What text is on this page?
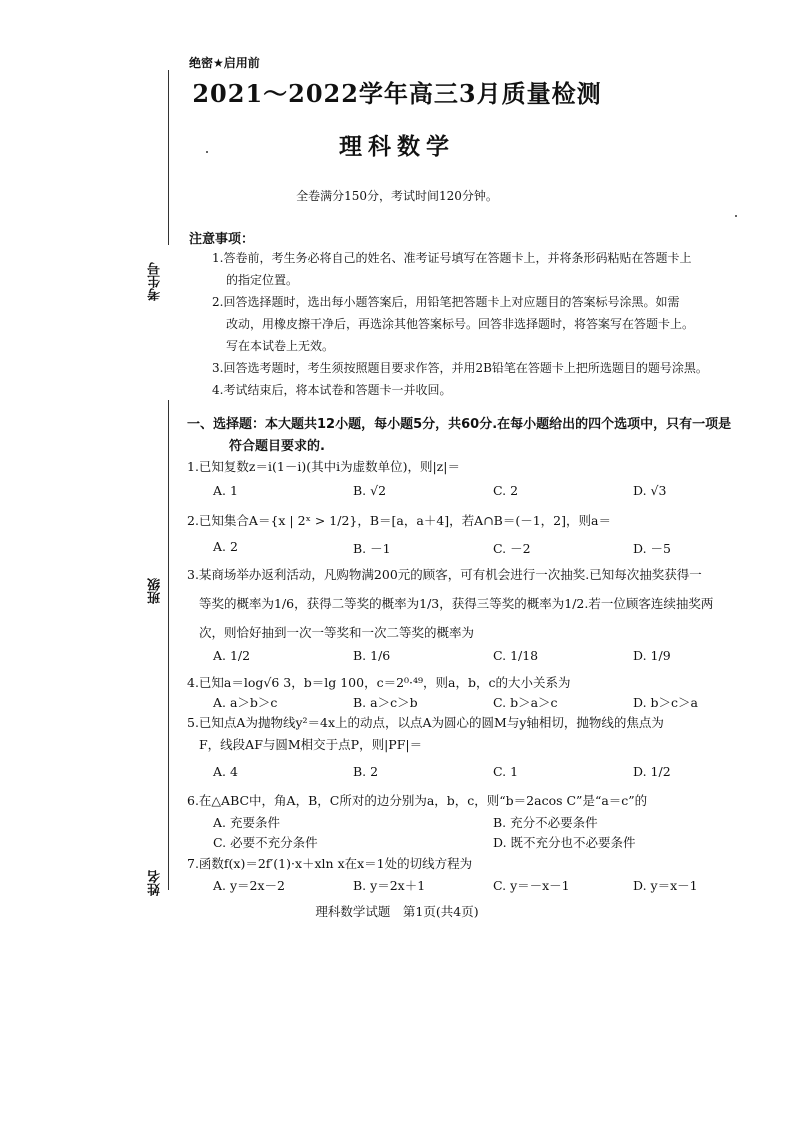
考生号
班级
姓名
绝密★启用前
2021～2022学年高三3月质量检测
理科数学
全卷满分150分，考试时间120分钟。
注意事项：
1.答卷前，考生务必将自己的姓名、准考证号填写在答题卡上，并将条形码粘贴在答题卡上
的指定位置。
2.回答选择题时，选出每小题答案后，用铅笔把答题卡上对应题目的答案标号涂黑。如需
改动，用橡皮擦干净后，再选涂其他答案标号。回答非选择题时，将答案写在答题卡上。
写在本试卷上无效。
3.回答选考题时，考生须按照题目要求作答，并用2B铅笔在答题卡上把所选题目的题号涂黑。
4.考试结束后，将本试卷和答题卡一并收回。
一、选择题：本大题共12小题，每小题5分，共60分.在每小题给出的四个选项中，只有一项是
符合题目要求的.
1.已知复数z＝i(1－i)(其中i为虚数单位)，则|z|＝
A. 1	B. √2	C. 2	D. √3
2.已知集合A＝{x | 2ˣ > 1/2}，B＝[a，a＋4]，若A∩B＝(－1，2]，则a＝
A. 2	B. －1	C. －2	D. －5
3.某商场举办返利活动，凡购物满200元的顾客，可有机会进行一次抽奖.已知每次抽奖获得一
等奖的概率为1/6，获得二等奖的概率为1/3，获得三等奖的概率为1/2.若一位顾客连续抽奖两
次，则恰好抽到一次一等奖和一次二等奖的概率为
A. 1/2	B. 1/6	C. 1/18	D. 1/9
4.已知a＝log√6 3，b＝lg 100，c＝2⁰·⁴⁹，则a，b，c的大小关系为
A. a＞b＞c	B. a＞c＞b	C. b＞a＞c	D. b＞c＞a
5.已知点A为抛物线y²＝4x上的动点，以点A为圆心的圆M与y轴相切，抛物线的焦点为
F，线段AF与圆M相交于点P，则|PF|＝
A. 4	B. 2	C. 1	D. 1/2
6.在△ABC中，角A，B，C所对的边分别为a，b，c，则“b＝2acos C”是“a＝c”的
A. 充要条件	B. 充分不必要条件
C. 必要不充分条件	D. 既不充分也不必要条件
7.函数f(x)＝2f′(1)·x＋xln x在x＝1处的切线方程为
A. y＝2x－2	B. y＝2x＋1	C. y＝－x－1	D. y＝x－1
理科数学试题　第1页(共4页)
